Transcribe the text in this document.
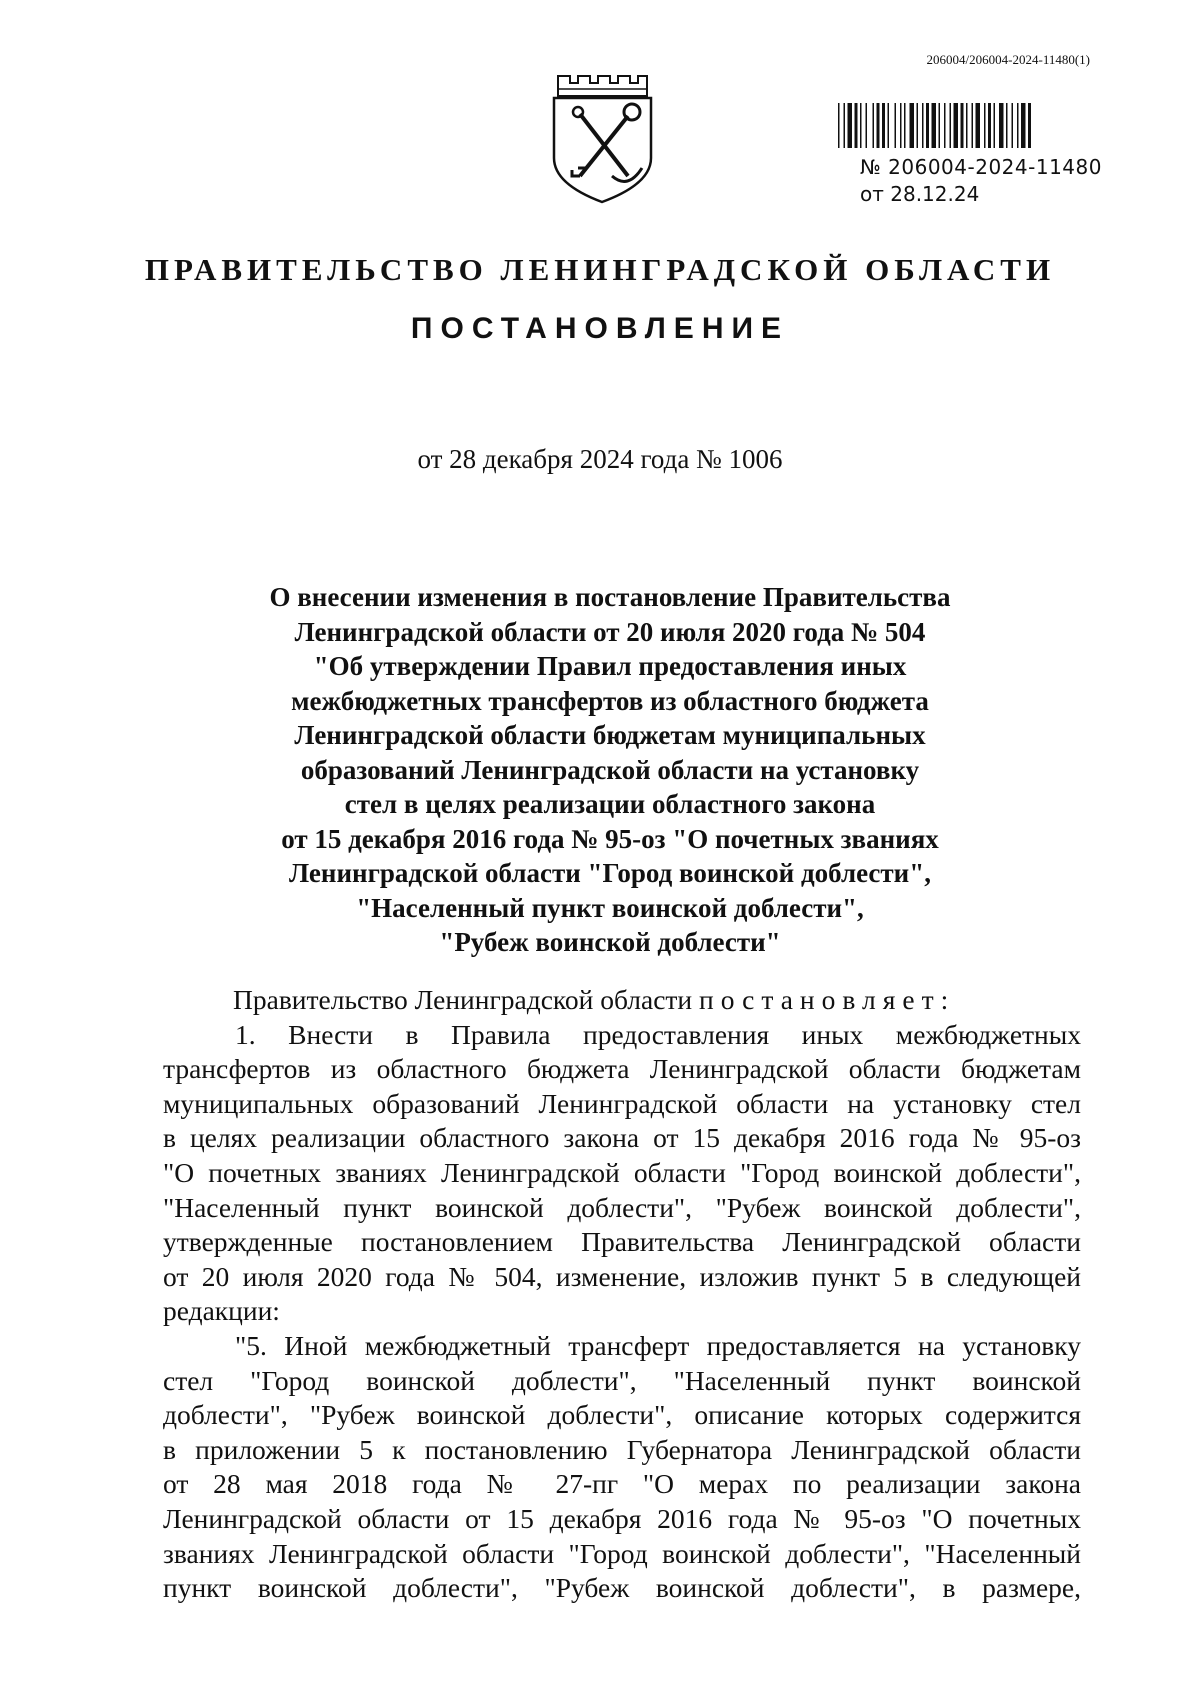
206004/206004-2024-11480(1)
№ 206004-2024-11480
от 28.12.24
ПРАВИТЕЛЬСТВО ЛЕНИНГРАДСКОЙ ОБЛАСТИ
ПОСТАНОВЛЕНИЕ
от 28 декабря 2024 года № 1006
О внесении изменения в постановление Правительства
Ленинградской области от 20 июля 2020 года № 504
"Об утверждении Правил предоставления иных
межбюджетных трансфертов из областного бюджета
Ленинградской области бюджетам муниципальных
образований Ленинградской области на установку
стел в целях реализации областного закона
от 15 декабря 2016 года № 95-оз "О почетных званиях
Ленинградской области "Город воинской доблести",
"Населенный пункт воинской доблести",
"Рубеж воинской доблести"
Правительство Ленинградской области постановляет:
1. Внести в Правила предоставления иных межбюджетных
трансфертов из областного бюджета Ленинградской области бюджетам
муниципальных образований Ленинградской области на установку стел
в целях реализации областного закона от 15 декабря 2016 года № 95-оз
"О почетных званиях Ленинградской области "Город воинской доблести",
"Населенный пункт воинской доблести", "Рубеж воинской доблести",
утвержденные постановлением Правительства Ленинградской области
от 20 июля 2020 года № 504, изменение, изложив пункт 5 в следующей
редакции:
"5. Иной межбюджетный трансферт предоставляется на установку
стел "Город воинской доблести", "Населенный пункт воинской
доблести", "Рубеж воинской доблести", описание которых содержится
в приложении 5 к постановлению Губернатора Ленинградской области
от 28 мая 2018 года № 27-пг "О мерах по реализации закона
Ленинградской области от 15 декабря 2016 года № 95-оз "О почетных
званиях Ленинградской области "Город воинской доблести", "Населенный
пункт воинской доблести", "Рубеж воинской доблести", в размере,
